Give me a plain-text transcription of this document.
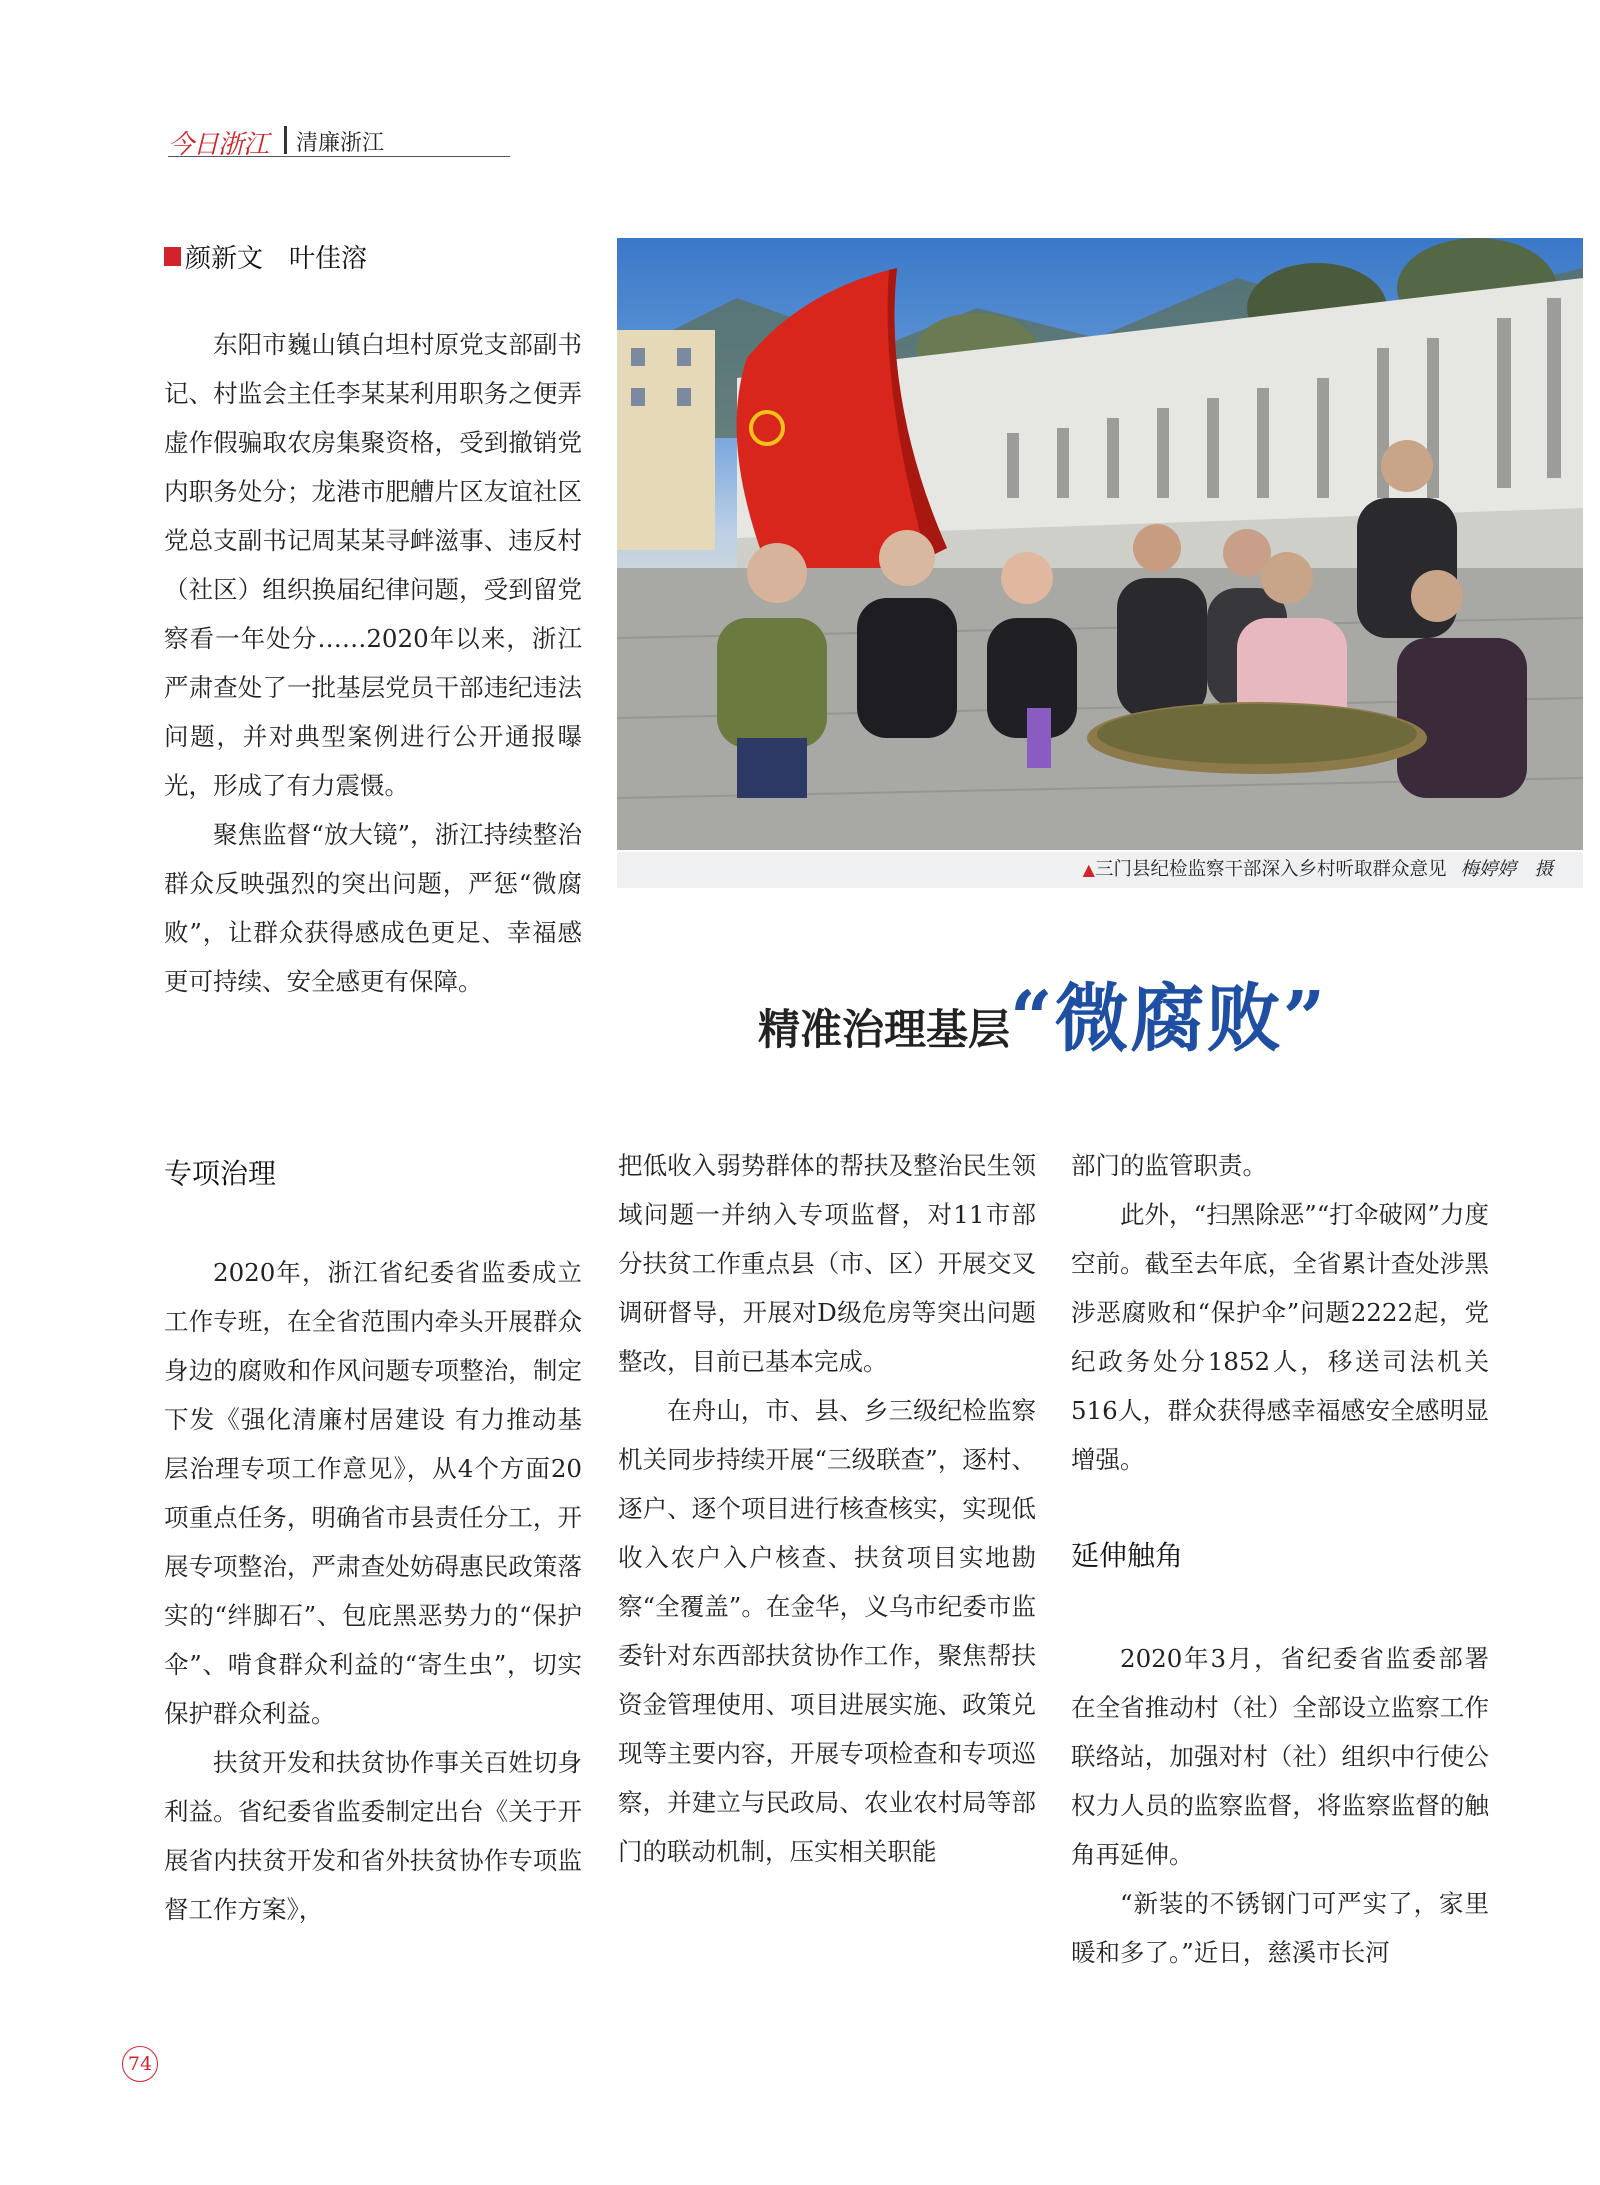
今日浙江 清廉浙江
颜新文　叶佳溶

东阳市巍山镇白坦村原党支部副书记、村监会主任李某某利用职务之便弄虚作假骗取农房集聚资格，受到撤销党内职务处分；龙港市肥艚片区友谊社区党总支副书记周某某寻衅滋事、违反村（社区）组织换届纪律问题，受到留党察看一年处分……2020年以来，浙江严肃查处了一批基层党员干部违纪违法问题，并对典型案例进行公开通报曝光，形成了有力震慑。

聚焦监督“放大镜”，浙江持续整治群众反映强烈的突出问题，严惩“微腐败”，让群众获得感成色更足、幸福感更可持续、安全感更有保障。

▲三门县纪检监察干部深入乡村听取群众意见 梅婷婷　摄
精准治理基层“微腐败”
专项治理

2020年，浙江省纪委省监委成立工作专班，在全省范围内牵头开展群众身边的腐败和作风问题专项整治，制定下发《强化清廉村居建设 有力推动基层治理专项工作意见》，从4个方面20项重点任务，明确省市县责任分工，开展专项整治，严肃查处妨碍惠民政策落实的“绊脚石”、包庇黑恶势力的“保护伞”、啃食群众利益的“寄生虫”，切实保护群众利益。

扶贫开发和扶贫协作事关百姓切身利益。省纪委省监委制定出台《关于开展省内扶贫开发和省外扶贫协作专项监督工作方案》，

把低收入弱势群体的帮扶及整治民生领域问题一并纳入专项监督，对11市部分扶贫工作重点县（市、区）开展交叉调研督导，开展对D级危房等突出问题整改，目前已基本完成。

在舟山，市、县、乡三级纪检监察机关同步持续开展“三级联查”，逐村、逐户、逐个项目进行核查核实，实现低收入农户入户核查、扶贫项目实地勘察“全覆盖”。在金华，义乌市纪委市监委针对东西部扶贫协作工作，聚焦帮扶资金管理使用、项目进展实施、政策兑现等主要内容，开展专项检查和专项巡察，并建立与民政局、农业农村局等部门的联动机制，压实相关职能

部门的监管职责。

此外，“扫黑除恶”“打伞破网”力度空前。截至去年底，全省累计查处涉黑涉恶腐败和“保护伞”问题2222起，党纪政务处分1852人，移送司法机关516人，群众获得感幸福感安全感明显增强。

延伸触角

2020年3月，省纪委省监委部署在全省推动村（社）全部设立监察工作联络站，加强对村（社）组织中行使公权力人员的监察监督，将监察监督的触角再延伸。

“新装的不锈钢门可严实了，家里暖和多了。”近日，慈溪市长河

74
